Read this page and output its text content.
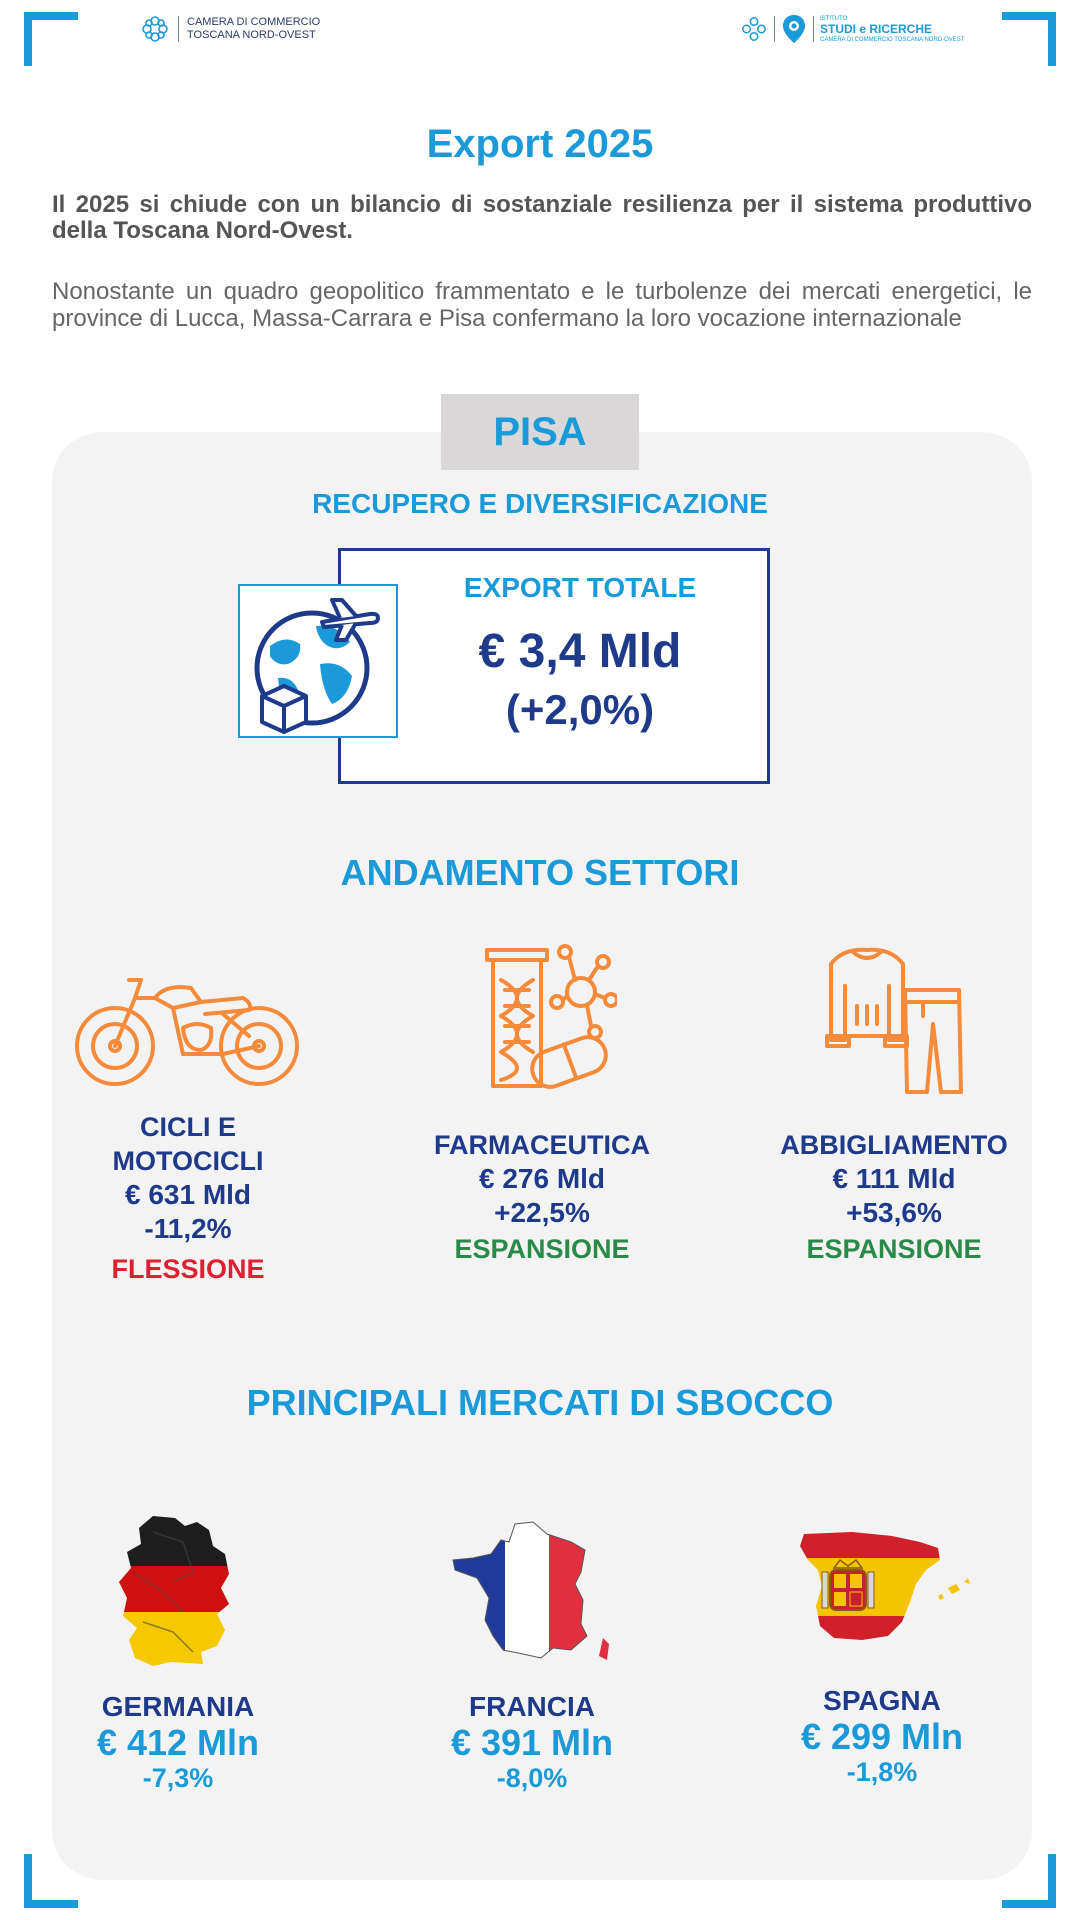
CAMERA DI COMMERCIO
TOSCANA NORD-OVEST
ISTITUTO
STUDI e RICERCHE
CAMERA DI COMMERCIO TOSCANA NORD-OVEST
Export 2025
Il 2025 si chiude con un bilancio di sostanziale resilienza per il sistema produttivo della Toscana Nord-Ovest.
Nonostante un quadro geopolitico frammentato e le turbolenze dei mercati energetici, le province di Lucca, Massa-Carrara e Pisa confermano la loro vocazione internazionale
PISA
RECUPERO E DIVERSIFICAZIONE
EXPORT TOTALE
€ 3,4 Mld
(+2,0%)
ANDAMENTO SETTORI
CICLI E
MOTOCICLI
€ 631 Mld
-11,2%
FLESSIONE
FARMACEUTICA
€ 276 Mld
+22,5%
ESPANSIONE
ABBIGLIAMENTO
€ 111 Mld
+53,6%
ESPANSIONE
PRINCIPALI MERCATI DI SBOCCO
GERMANIA
€ 412 Mln
-7,3%
FRANCIA
€ 391 Mln
-8,0%
SPAGNA
€ 299 Mln
-1,8%
